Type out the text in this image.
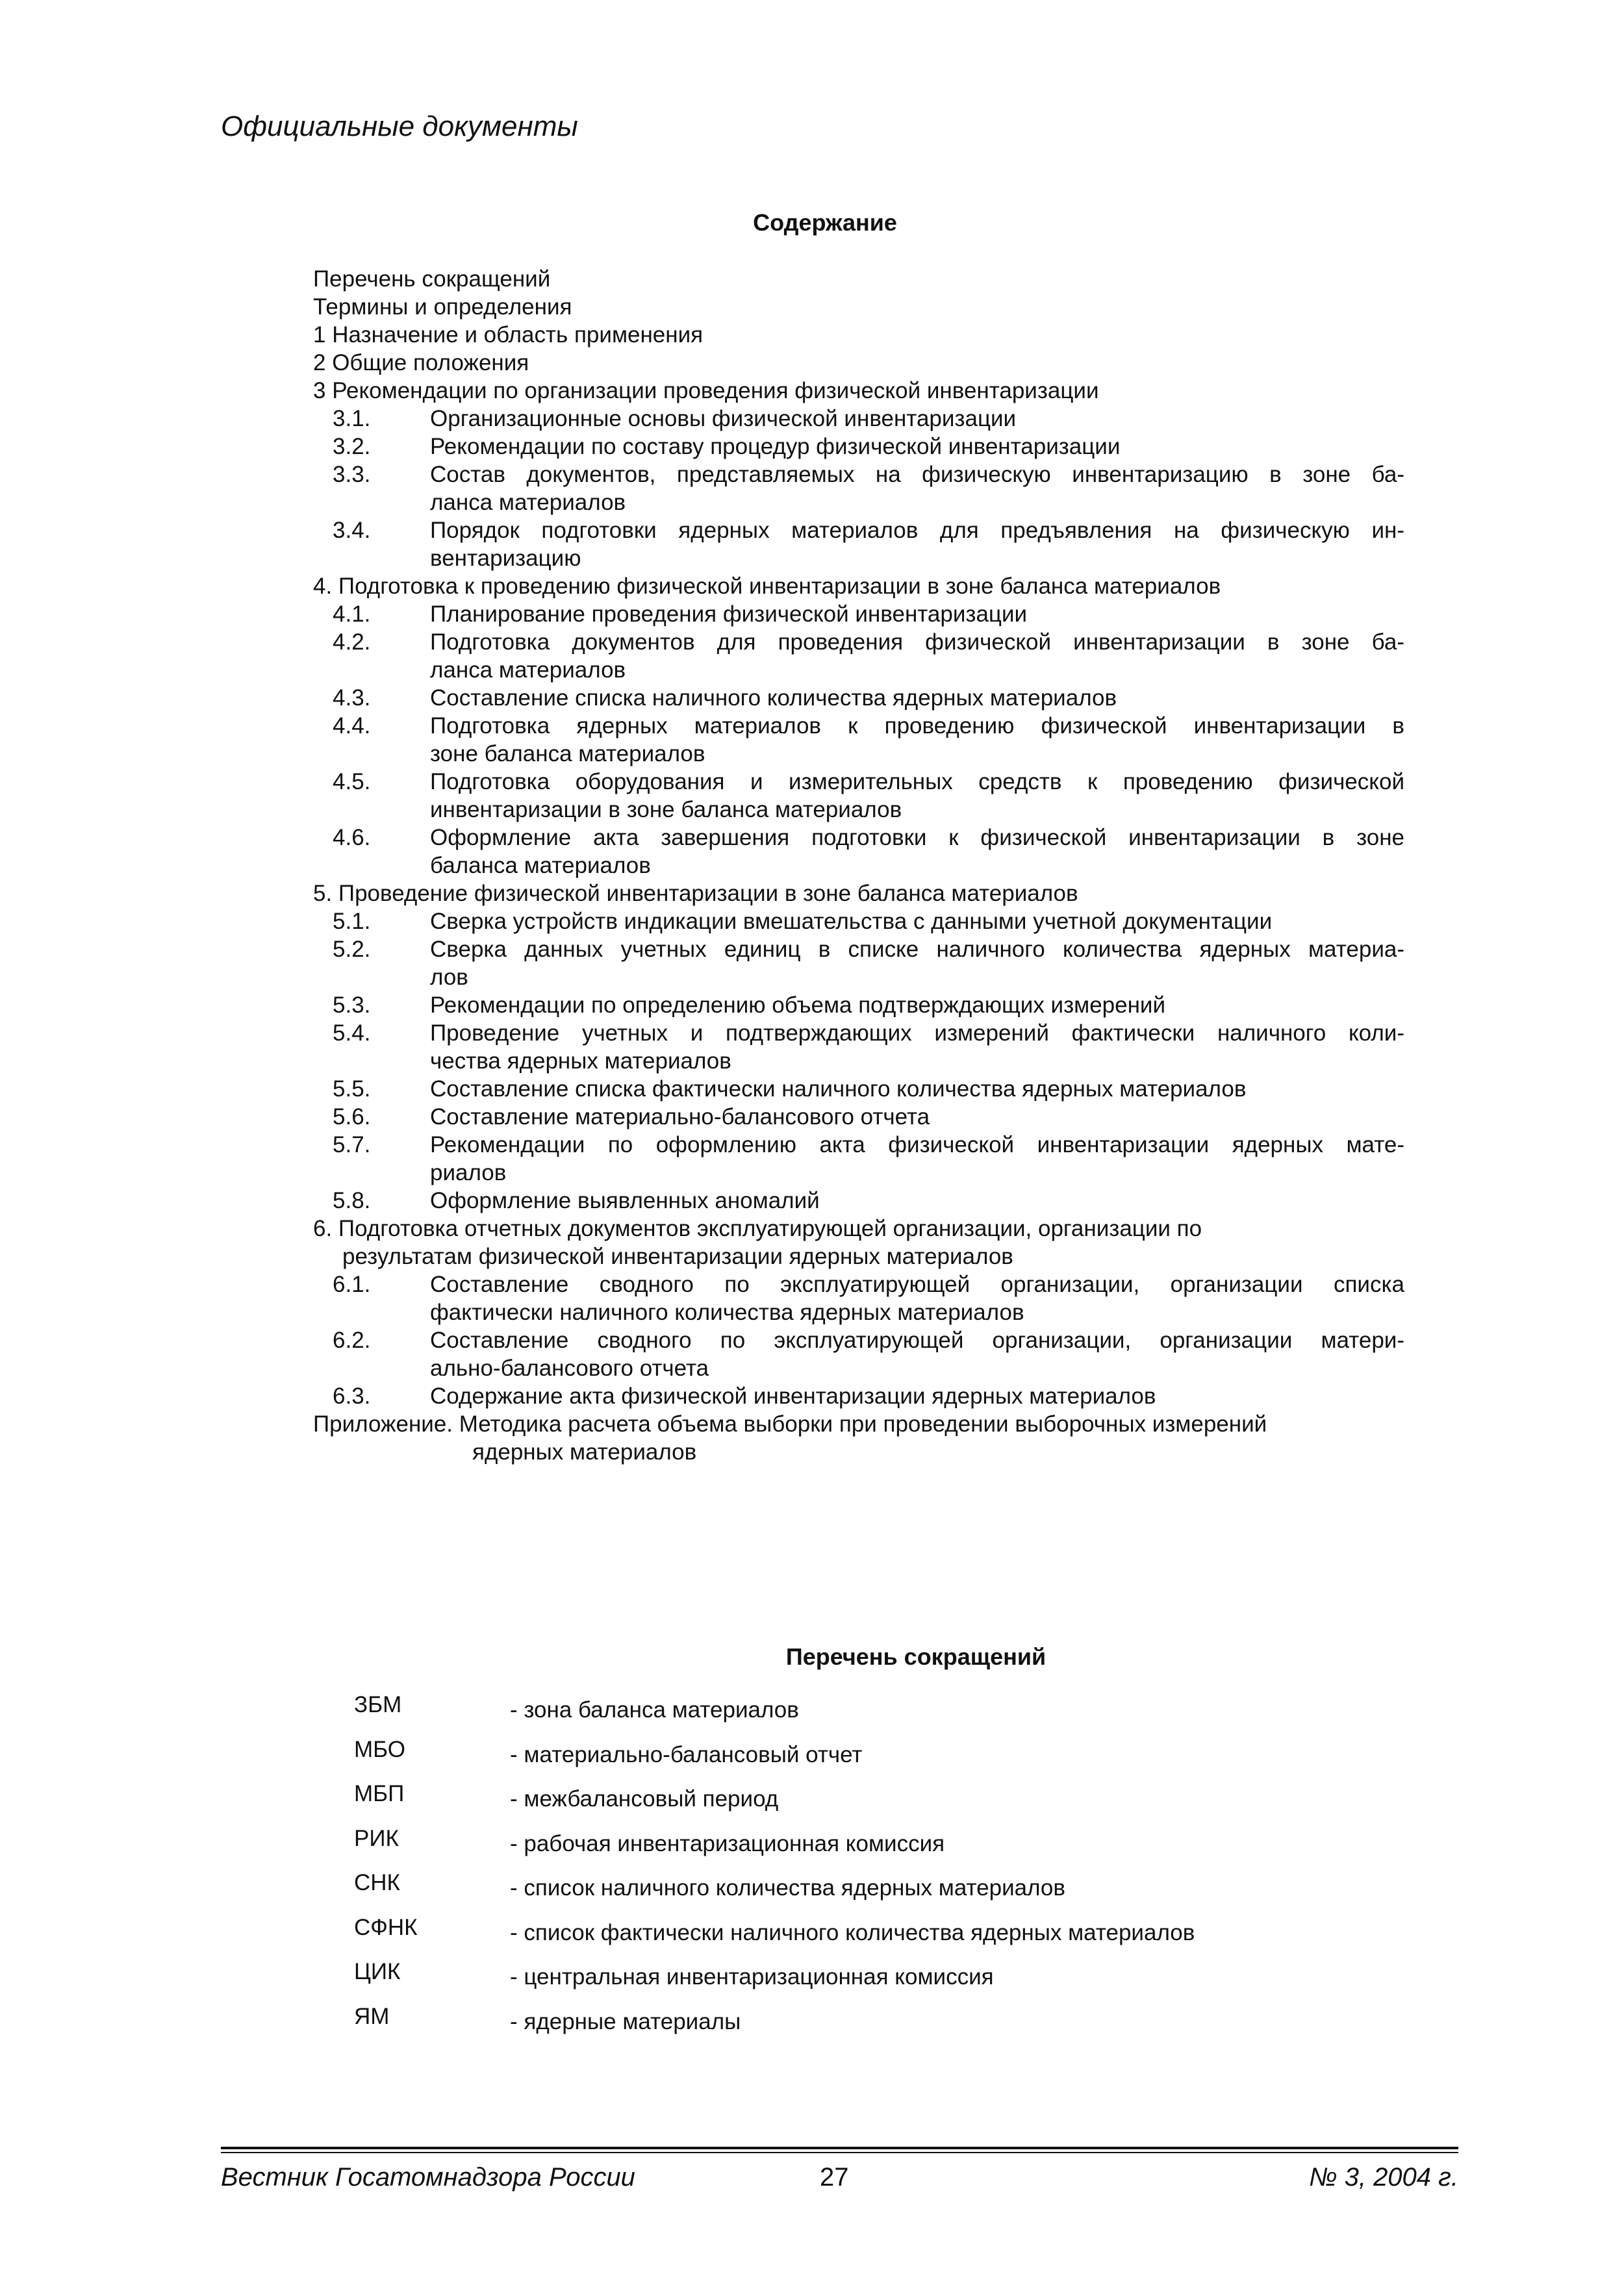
Официальные документы
Содержание
Перечень сокращений
Термины и определения
1 Назначение и область применения
2 Общие положения
3 Рекомендации по организации проведения физической инвентаризации
3.1.	Организационные основы физической инвентаризации
3.2.	Рекомендации по составу процедур физической инвентаризации
3.3.	Состав документов, представляемых на физическую инвентаризацию в зоне ба-
ланса материалов
3.4.	Порядок подготовки ядерных материалов для предъявления на физическую ин-
вентаризацию
4. Подготовка к проведению физической инвентаризации в зоне баланса материалов
4.1.	Планирование проведения физической инвентаризации
4.2.	Подготовка документов для проведения физической инвентаризации в зоне ба-
ланса материалов
4.3.	Составление списка наличного количества ядерных материалов
4.4.	Подготовка ядерных материалов к проведению физической инвентаризации в
зоне баланса материалов
4.5.	Подготовка оборудования и измерительных средств к проведению физической
инвентаризации в зоне баланса материалов
4.6.	Оформление акта завершения подготовки к физической инвентаризации в зоне
баланса материалов
5. Проведение физической инвентаризации в зоне баланса материалов
5.1.	Сверка устройств индикации вмешательства с данными учетной документации
5.2.	Сверка данных учетных единиц в списке наличного количества ядерных материа-
лов
5.3.	Рекомендации по определению объема подтверждающих измерений
5.4.	Проведение учетных и подтверждающих измерений фактически наличного коли-
чества ядерных материалов
5.5.	Составление списка фактически наличного количества ядерных материалов
5.6.	Составление материально-балансового отчета
5.7.	Рекомендации по оформлению акта физической инвентаризации ядерных мате-
риалов
5.8.	Оформление выявленных аномалий
6. Подготовка отчетных документов эксплуатирующей организации, организации по
результатам физической инвентаризации ядерных материалов
6.1.	Составление сводного по эксплуатирующей организации, организации списка
фактически наличного количества ядерных материалов
6.2.	Составление сводного по эксплуатирующей организации, организации матери-
ально-балансового отчета
6.3.	Содержание акта физической инвентаризации ядерных материалов
Приложение. Методика расчета объема выборки при проведении выборочных измерений
ядерных материалов
Перечень сокращений
ЗБМ	- зона баланса материалов
МБО	- материально-балансовый отчет
МБП	- межбалансовый период
РИК	- рабочая инвентаризационная комиссия
СНК	- список наличного количества ядерных материалов
СФНК	- список фактически наличного количества ядерных материалов
ЦИК	- центральная инвентаризационная комиссия
ЯМ	- ядерные материалы
Вестник Госатомнадзора России	27	№ 3, 2004 г.
